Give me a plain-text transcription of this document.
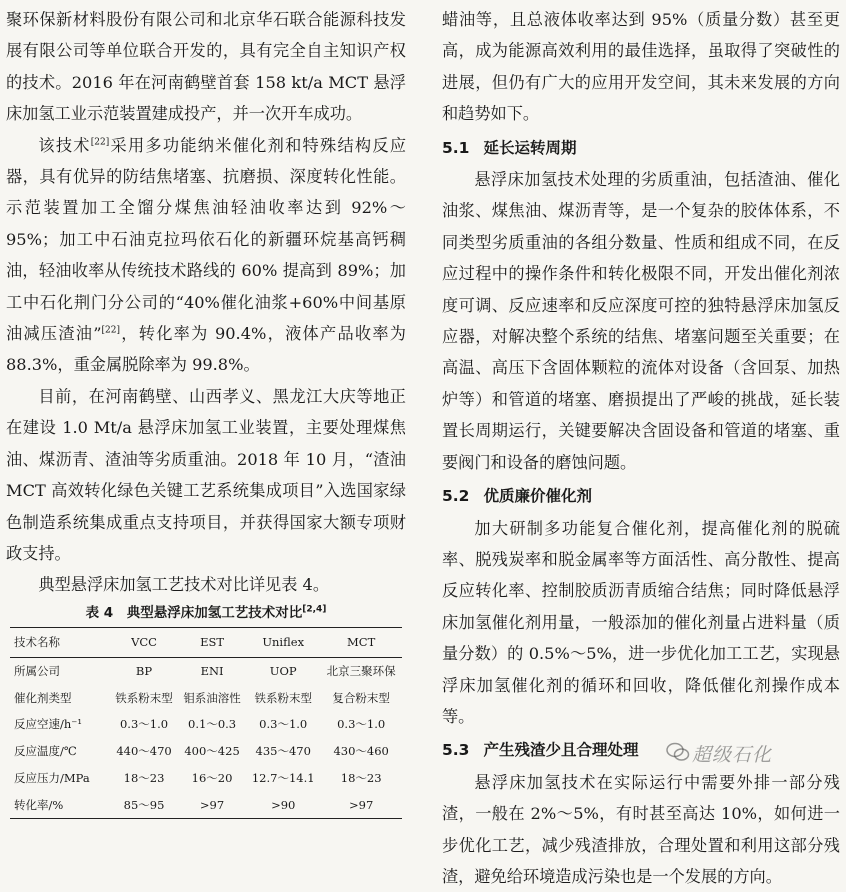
聚环保新材料股份有限公司和北京华石联合能源科技发展有限公司等单位联合开发的，具有完全自主知识产权的技术。2016 年在河南鹤壁首套 158 kt/a MCT 悬浮床加氢工业示范装置建成投产，并一次开车成功。

该技术[22]采用多功能纳米催化剂和特殊结构反应器，具有优异的防结焦堵塞、抗磨损、深度转化性能。示范装置加工全馏分煤焦油轻油收率达到 92%～95%；加工中石油克拉玛依石化的新疆环烷基高钙稠油，轻油收率从传统技术路线的 60% 提高到 89%；加工中石化荆门分公司的“40%催化油浆+60%中间基原油减压渣油”[22]，转化率为 90.4%，液体产品收率为 88.3%，重金属脱除率为 99.8%。

目前，在河南鹤壁、山西孝义、黑龙江大庆等地正在建设 1.0 Mt/a 悬浮床加氢工业装置，主要处理煤焦油、煤沥青、渣油等劣质重油。2018 年 10 月，“渣油 MCT 高效转化绿色关键工艺系统集成项目”入选国家绿色制造系统集成重点支持项目，并获得国家大额专项财政支持。

典型悬浮床加氢工艺技术对比详见表 4。

表 4　典型悬浮床加氢工艺技术对比[2,4]
技术名称	VCC	EST	Uniflex	MCT
所属公司	BP	ENI	UOP	北京三聚环保
催化剂类型	铁系粉末型	钼系油溶性	铁系粉末型	复合粉末型
反应空速/h⁻¹	0.3～1.0	0.1～0.3	0.3～1.0	0.3～1.0
反应温度/℃	440～470	400～425	435～470	430～460
反应压力/MPa	18～23	16～20	12.7～14.1	18～23
转化率/%	85～95	>97	>90	>97

蜡油等，且总液体收率达到 95%（质量分数）甚至更高，成为能源高效利用的最佳选择，虽取得了突破性的进展，但仍有广大的应用开发空间，其未来发展的方向和趋势如下。

5.1 延长运转周期

悬浮床加氢技术处理的劣质重油，包括渣油、催化油浆、煤焦油、煤沥青等，是一个复杂的胶体体系，不同类型劣质重油的各组分数量、性质和组成不同，在反应过程中的操作条件和转化极限不同，开发出催化剂浓度可调、反应速率和反应深度可控的独特悬浮床加氢反应器，对解决整个系统的结焦、堵塞问题至关重要；在高温、高压下含固体颗粒的流体对设备（含回泵、加热炉等）和管道的堵塞、磨损提出了严峻的挑战，延长装置长周期运行，关键要解决含固设备和管道的堵塞、重要阀门和设备的磨蚀问题。

5.2 优质廉价催化剂

加大研制多功能复合催化剂，提高催化剂的脱硫率、脱残炭率和脱金属率等方面活性、高分散性、提高反应转化率、控制胶质沥青质缩合结焦；同时降低悬浮床加氢催化剂用量，一般添加的催化剂量占进料量（质量分数）的 0.5%～5%，进一步优化加工工艺，实现悬浮床加氢催化剂的循环和回收，降低催化剂操作成本等。

5.3 产生残渣少且合理处理

悬浮床加氢技术在实际运行中需要外排一部分残渣，一般在 2%～5%，有时甚至高达 10%，如何进一步优化工艺，减少残渣排放，合理处置和利用这部分残渣，避免给环境造成污染也是一个发展的方向。

超级石化
